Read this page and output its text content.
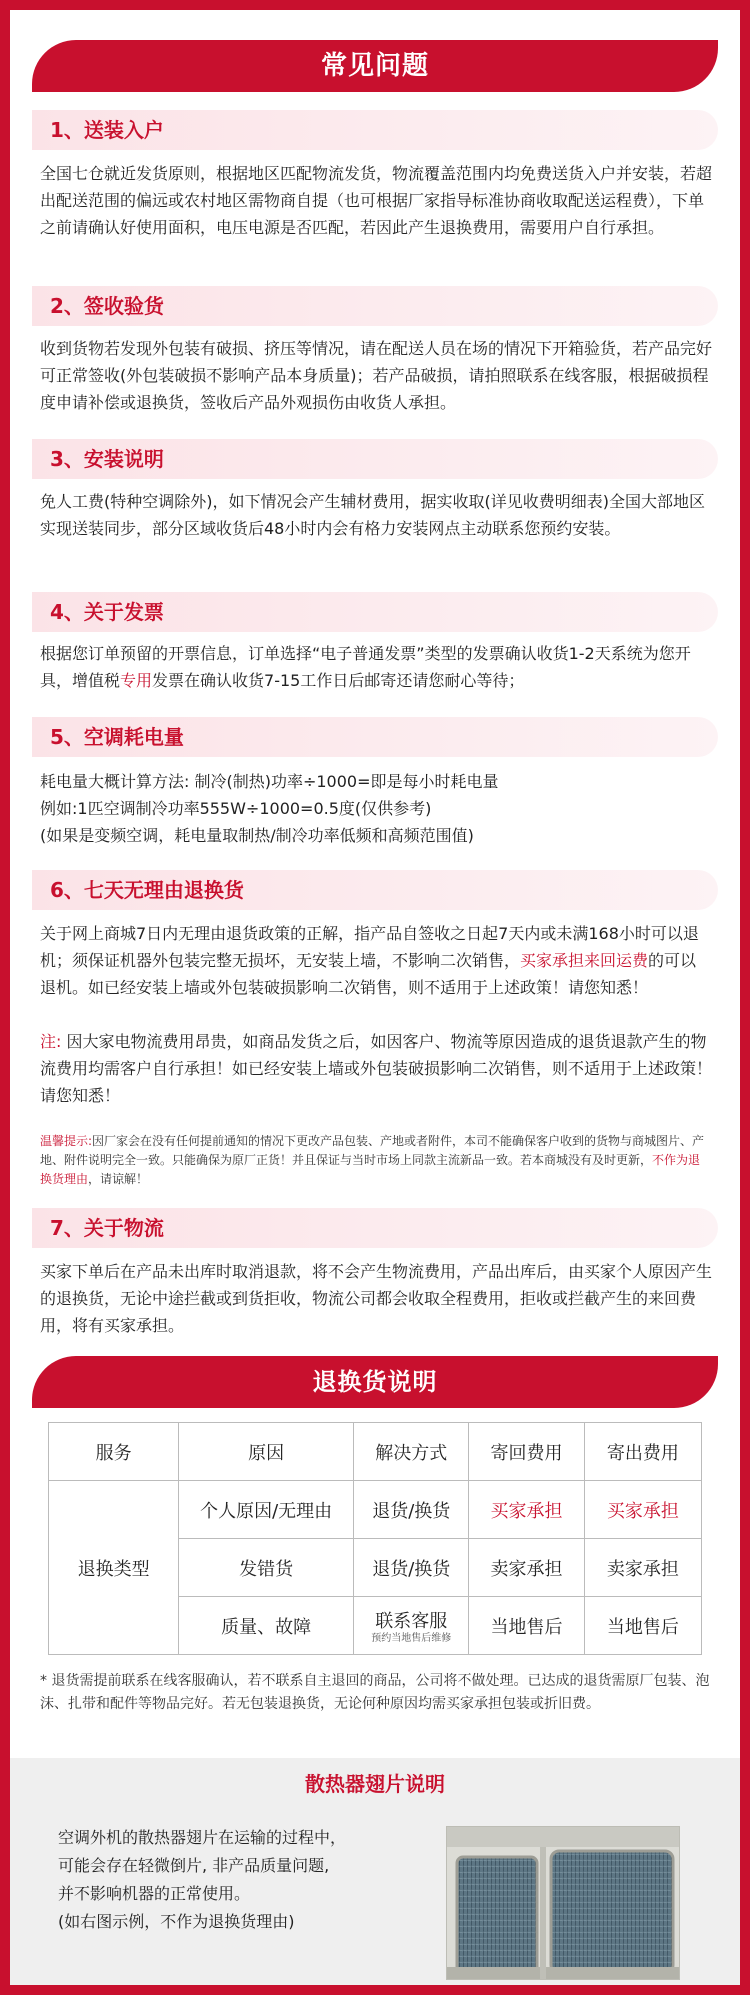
常见问题
1、送装入户

全国七仓就近发货原则，根据地区匹配物流发货，物流覆盖范围内均免费送货入户并安装，若超出配送范围的偏远或农村地区需物商自提（也可根据厂家指导标准协商收取配送运程费），下单之前请确认好使用面积，电压电源是否匹配，若因此产生退换费用，需要用户自行承担。

2、签收验货

收到货物若发现外包装有破损、挤压等情况，请在配送人员在场的情况下开箱验货，若产品完好可正常签收(外包装破损不影响产品本身质量)；若产品破损，请拍照联系在线客服，根据破损程度申请补偿或退换货，签收后产品外观损伤由收货人承担。

3、安装说明

免人工费(特种空调除外)，如下情况会产生辅材费用，据实收取(详见收费明细表)全国大部地区实现送装同步，部分区域收货后48小时内会有格力安装网点主动联系您预约安装。

4、关于发票

根据您订单预留的开票信息，订单选择“电子普通发票”类型的发票确认收货1-2天系统为您开具，增值税专用发票在确认收货7-15工作日后邮寄还请您耐心等待；

5、空调耗电量

耗电量大概计算方法: 制冷(制热)功率÷1000=即是每小时耗电量
例如:1匹空调制冷功率555W÷1000=0.5度(仅供参考)
(如果是变频空调，耗电量取制热/制冷功率低频和高频范围值)

6、七天无理由退换货

关于网上商城7日内无理由退货政策的正解，指产品自签收之日起7天内或未满168小时可以退机；须保证机器外包装完整无损坏，无安装上墙，不影响二次销售，买家承担来回运费的可以退机。如已经安装上墙或外包装破损影响二次销售，则不适用于上述政策！请您知悉！

注: 因大家电物流费用昂贵，如商品发货之后，如因客户、物流等原因造成的退货退款产生的物流费用均需客户自行承担！如已经安装上墙或外包装破损影响二次销售，则不适用于上述政策！请您知悉！

温馨提示:因厂家会在没有任何提前通知的情况下更改产品包装、产地或者附件，本司不能确保客户收到的货物与商城图片、产地、附件说明完全一致。只能确保为原厂正货！并且保证与当时市场上同款主流新品一致。若本商城没有及时更新，不作为退换货理由，请谅解！

7、关于物流

买家下单后在产品未出库时取消退款，将不会产生物流费用，产品出库后，由买家个人原因产生的退换货，无论中途拦截或到货拒收，物流公司都会收取全程费用，拒收或拦截产生的来回费用，将有买家承担。

退换货说明
服务	原因	解决方式	寄回费用	寄出费用
退换类型	个人原因/无理由	退货/换货	买家承担	买家承担
	发错货	退货/换货	卖家承担	卖家承担
	质量、故障	联系客服
预约当地售后维修	当地售后	当地售后

* 退货需提前联系在线客服确认，若不联系自主退回的商品，公司将不做处理。已达成的退货需原厂包装、泡沫、扎带和配件等物品完好。若无包装退换货，无论何种原因均需买家承担包装或折旧费。

散热器翅片说明

空调外机的散热器翅片在运输的过程中，
可能会存在轻微倒片, 非产品质量问题,
并不影响机器的正常使用。
(如右图示例，不作为退换货理由)
